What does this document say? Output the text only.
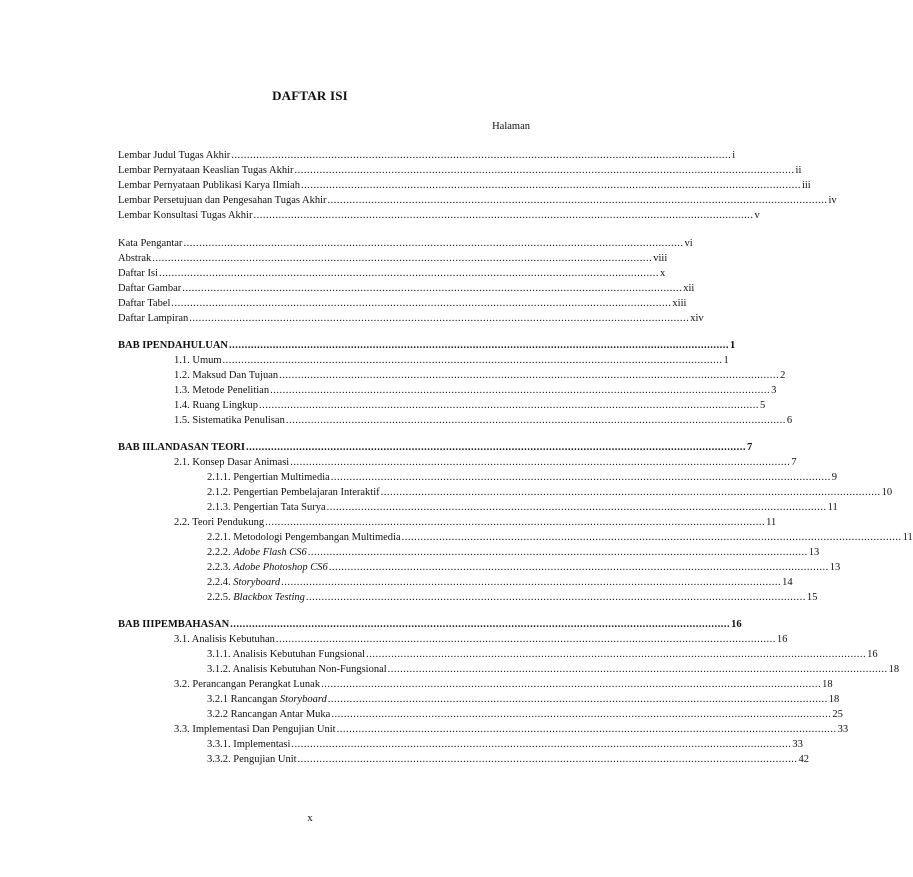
DAFTAR ISI
Halaman
Lembar Judul Tugas Akhir ................................................................................................................................................................ i
Lembar Pernyataan Keaslian Tugas Akhir ................................................................................................................................................................ ii
Lembar Pernyataan Publikasi Karya Ilmiah ................................................................................................................................................................ iii
Lembar Persetujuan dan Pengesahan Tugas Akhir ................................................................................................................................................................ iv
Lembar Konsultasi Tugas Akhir ................................................................................................................................................................ v
Kata Pengantar ................................................................................................................................................................ vi
Abstrak ................................................................................................................................................................ viii
Daftar Isi ................................................................................................................................................................ x
Daftar Gambar ................................................................................................................................................................ xii
Daftar Tabel ................................................................................................................................................................ xiii
Daftar Lampiran ................................................................................................................................................................ xiv
BAB I PENDAHULUAN ................................................................................................................................................................ 1
1.1. Umum ................................................................................................................................................................ 1
1.2. Maksud Dan Tujuan ................................................................................................................................................................ 2
1.3. Metode Penelitian ................................................................................................................................................................ 3
1.4. Ruang Lingkup ................................................................................................................................................................ 5
1.5. Sistematika Penulisan ................................................................................................................................................................ 6
BAB II LANDASAN TEORI ................................................................................................................................................................ 7
2.1. Konsep Dasar Animasi ................................................................................................................................................................ 7
2.1.1. Pengertian Multimedia ................................................................................................................................................................ 9
2.1.2. Pengertian Pembelajaran Interaktif ................................................................................................................................................................ 10
2.1.3. Pengertian Tata Surya ................................................................................................................................................................ 11
2.2. Teori Pendukung ................................................................................................................................................................ 11
2.2.1. Metodologi Pengembangan Multimedia ................................................................................................................................................................ 11
2.2.2. Adobe Flash CS6 ................................................................................................................................................................ 13
2.2.3. Adobe Photoshop CS6 ................................................................................................................................................................ 13
2.2.4. Storyboard ................................................................................................................................................................ 14
2.2.5. Blackbox Testing ................................................................................................................................................................ 15
BAB III PEMBAHASAN ................................................................................................................................................................ 16
3.1. Analisis Kebutuhan ................................................................................................................................................................ 16
3.1.1. Analisis Kebutuhan Fungsional ................................................................................................................................................................ 16
3.1.2. Analisis Kebutuhan Non-Fungsional ................................................................................................................................................................ 18
3.2. Perancangan Perangkat Lunak ................................................................................................................................................................ 18
3.2.1 Rancangan Storyboard ................................................................................................................................................................ 18
3.2.2 Rancangan Antar Muka ................................................................................................................................................................ 25
3.3. Implementasi Dan Pengujian Unit ................................................................................................................................................................ 33
3.3.1. Implementasi ................................................................................................................................................................ 33
3.3.2. Pengujian Unit ................................................................................................................................................................ 42
x
